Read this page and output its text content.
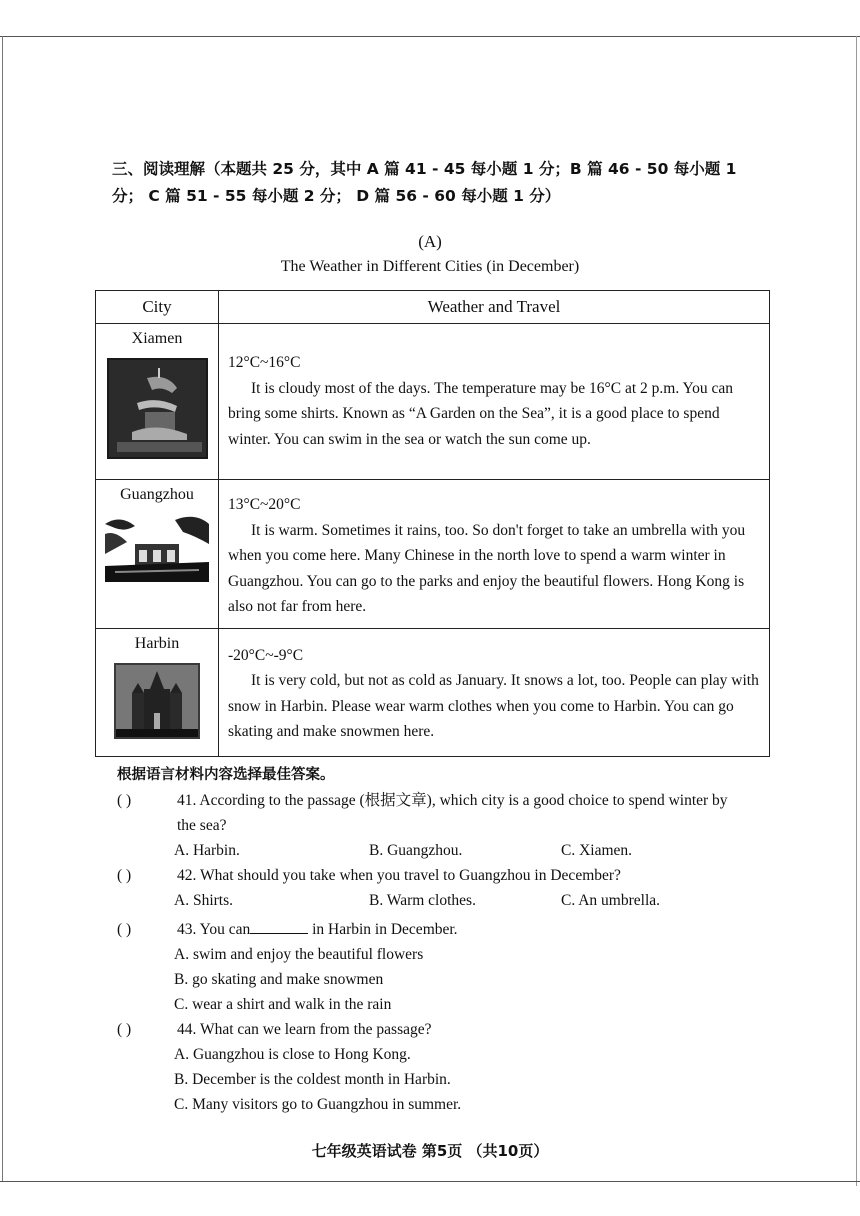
三、阅读理解（本题共 25 分，其中 A 篇 41 - 45 每小题 1 分；B 篇 46 - 50 每小题 1 分； C 篇 51 - 55 每小题 2 分； D 篇 56 - 60 每小题 1 分）
(A)
The Weather in Different Cities (in December)
City	Weather and Travel

Xiamen	12°C~16°C

It is cloudy most of the days. The temperature may be 16°C at 2 p.m. You can bring some shirts. Known as “A Garden on the Sea”, it is a good place to spend winter. You can swim in the sea or watch the sun come up.

Guangzhou	13°C~20°C

It is warm. Sometimes it rains, too. So don't forget to take an umbrella with you when you come here. Many Chinese in the north love to spend a warm winter in Guangzhou. You can go to the parks and enjoy the beautiful flowers. Hong Kong is also not far from here.

Harbin	-20°C~-9°C

It is very cold, but not as cold as January. It snows a lot, too. People can play with snow in Harbin. Please wear warm clothes when you come to Harbin. You can go skating and make snowmen here.

根据语言材料内容选择最佳答案。
( )	41. According to the passage (根据文章), which city is a good choice to spend winter by
the sea?
A. Harbin.	B. Guangzhou.	C. Xiamen.
( )	42. What should you take when you travel to Guangzhou in December?
A. Shirts.	B. Warm clothes.	C. An umbrella.
( )	43. You can	in Harbin in December.
A. swim and enjoy the beautiful flowers
B. go skating and make snowmen
C. wear a shirt and walk in the rain
( )	44. What can we learn from the passage?
A. Guangzhou is close to Hong Kong.
B. December is the coldest month in Harbin.
C. Many visitors go to Guangzhou in summer.
七年级英语试卷 第5页 （共10页）
